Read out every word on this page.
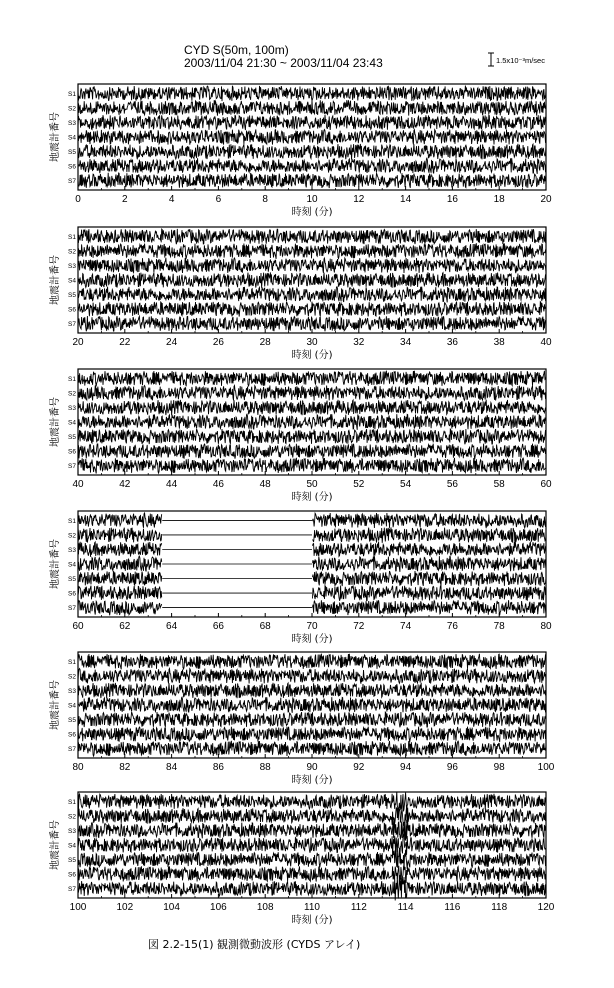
CYD S(50m, 100m)
2003/11/04 21:30 ~ 2003/11/04 23:43	1.5x10⁻³m/sec
S1
S2
S3
S4
S5
S6
S7
地震計番号
0	2	4	6	8	10	12	14	16	18	20
時刻 (分)
S1
S2
S3
S4
S5
S6
S7
地震計番号
20	22	24	26	28	30	32	34	36	38	40
時刻 (分)
S1
S2
S3
S4
S5
S6
S7
地震計番号
40	42	44	46	48	50	52	54	56	58	60
時刻 (分)
S1
S2
S3
S4
S5
S6
S7
地震計番号
60	62	64	66	68	70	72	74	76	78	80
時刻 (分)
S1
S2
S3
S4
S5
S6
S7
地震計番号
80	82	84	86	88	90	92	94	96	98	100
時刻 (分)
S1
S2
S3
S4
S5
S6
S7
地震計番号
100	102	104	106	108	110	112	114	116	118	120
時刻 (分)
図 2.2-15(1) 観測微動波形 (CYDS アレイ)
